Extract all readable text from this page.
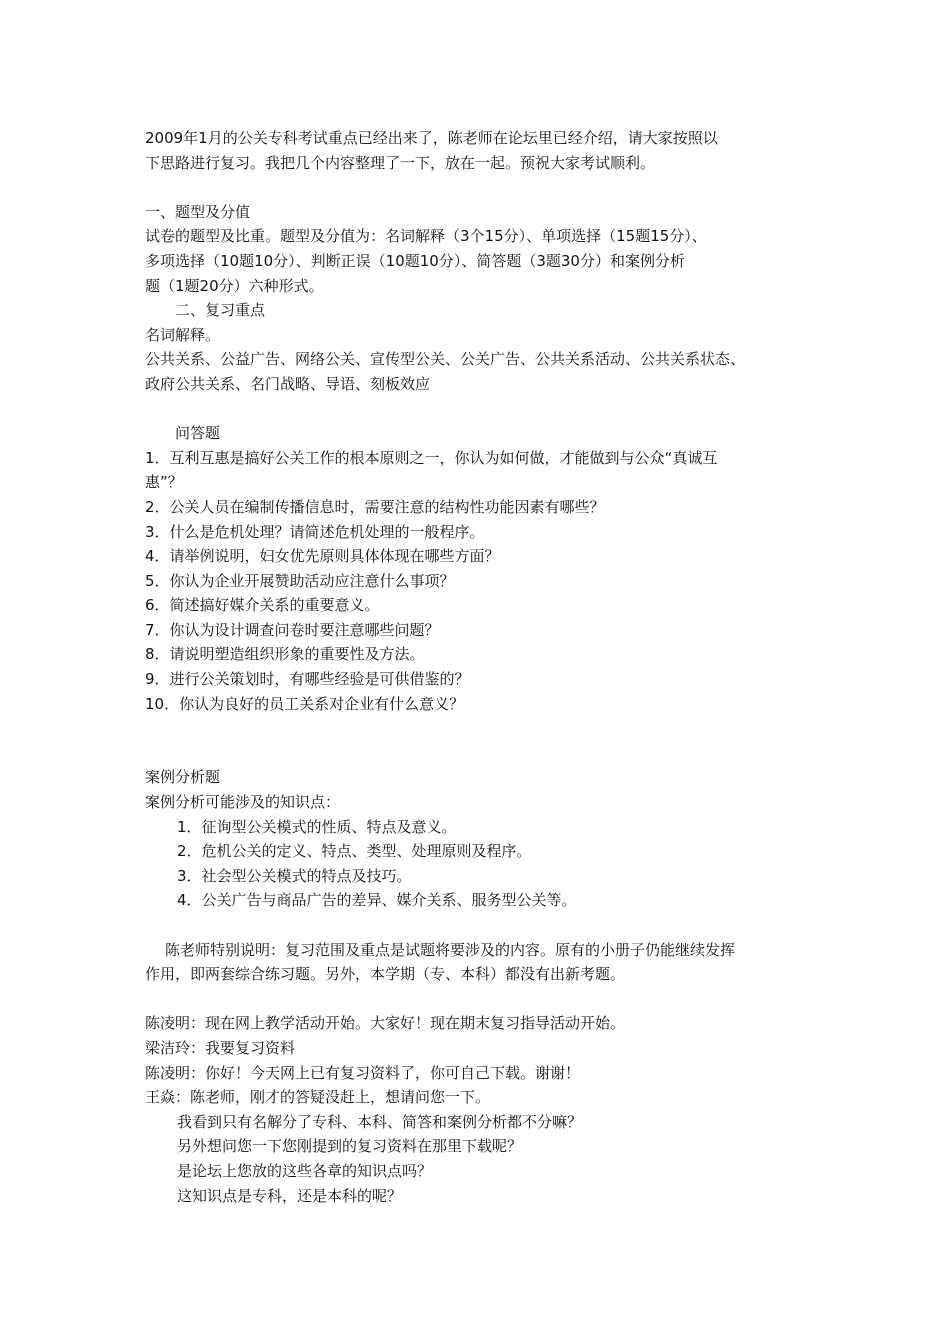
2009年1月的公关专科考试重点已经出来了，陈老师在论坛里已经介绍，请大家按照以
下思路进行复习。我把几个内容整理了一下，放在一起。预祝大家考试顺利。
一、题型及分值
试卷的题型及比重。题型及分值为：名词解释（3个15分）、单项选择（15题15分）、
多项选择（10题10分）、判断正误（10题10分）、简答题（3题30分）和案例分析
题（1题20分）六种形式。
二、复习重点
名词解释。
公共关系、公益广告、网络公关、宣传型公关、公关广告、公共关系活动、公共关系状态、
政府公共关系、名门战略、导语、刻板效应
问答题
1．互利互惠是搞好公关工作的根本原则之一，你认为如何做，才能做到与公众“真诚互
惠”？
2．公关人员在编制传播信息时，需要注意的结构性功能因素有哪些？
3．什么是危机处理？请简述危机处理的一般程序。
4．请举例说明，妇女优先原则具体体现在哪些方面？
5．你认为企业开展赞助活动应注意什么事项？
6．简述搞好媒介关系的重要意义。
7．你认为设计调查问卷时要注意哪些问题？
8．请说明塑造组织形象的重要性及方法。
9．进行公关策划时，有哪些经验是可供借鉴的？
10．你认为良好的员工关系对企业有什么意义？
案例分析题
案例分析可能涉及的知识点：
1．征询型公关模式的性质、特点及意义。
2．危机公关的定义、特点、类型、处理原则及程序。
3．社会型公关模式的特点及技巧。
4．公关广告与商品广告的差异、媒介关系、服务型公关等。
陈老师特别说明：复习范围及重点是试题将要涉及的内容。原有的小册子仍能继续发挥
作用，即两套综合练习题。另外，本学期（专、本科）都没有出新考题。
陈凌明：现在网上教学活动开始。大家好！现在期末复习指导活动开始。
梁洁玲：我要复习资料
陈凌明：你好！今天网上已有复习资料了，你可自己下载。谢谢！
王焱：陈老师，刚才的答疑没赶上，想请问您一下。
我看到只有名解分了专科、本科、简答和案例分析都不分嘛？
另外想问您一下您刚提到的复习资料在那里下载呢？
是论坛上您放的这些各章的知识点吗？
这知识点是专科，还是本科的呢？
